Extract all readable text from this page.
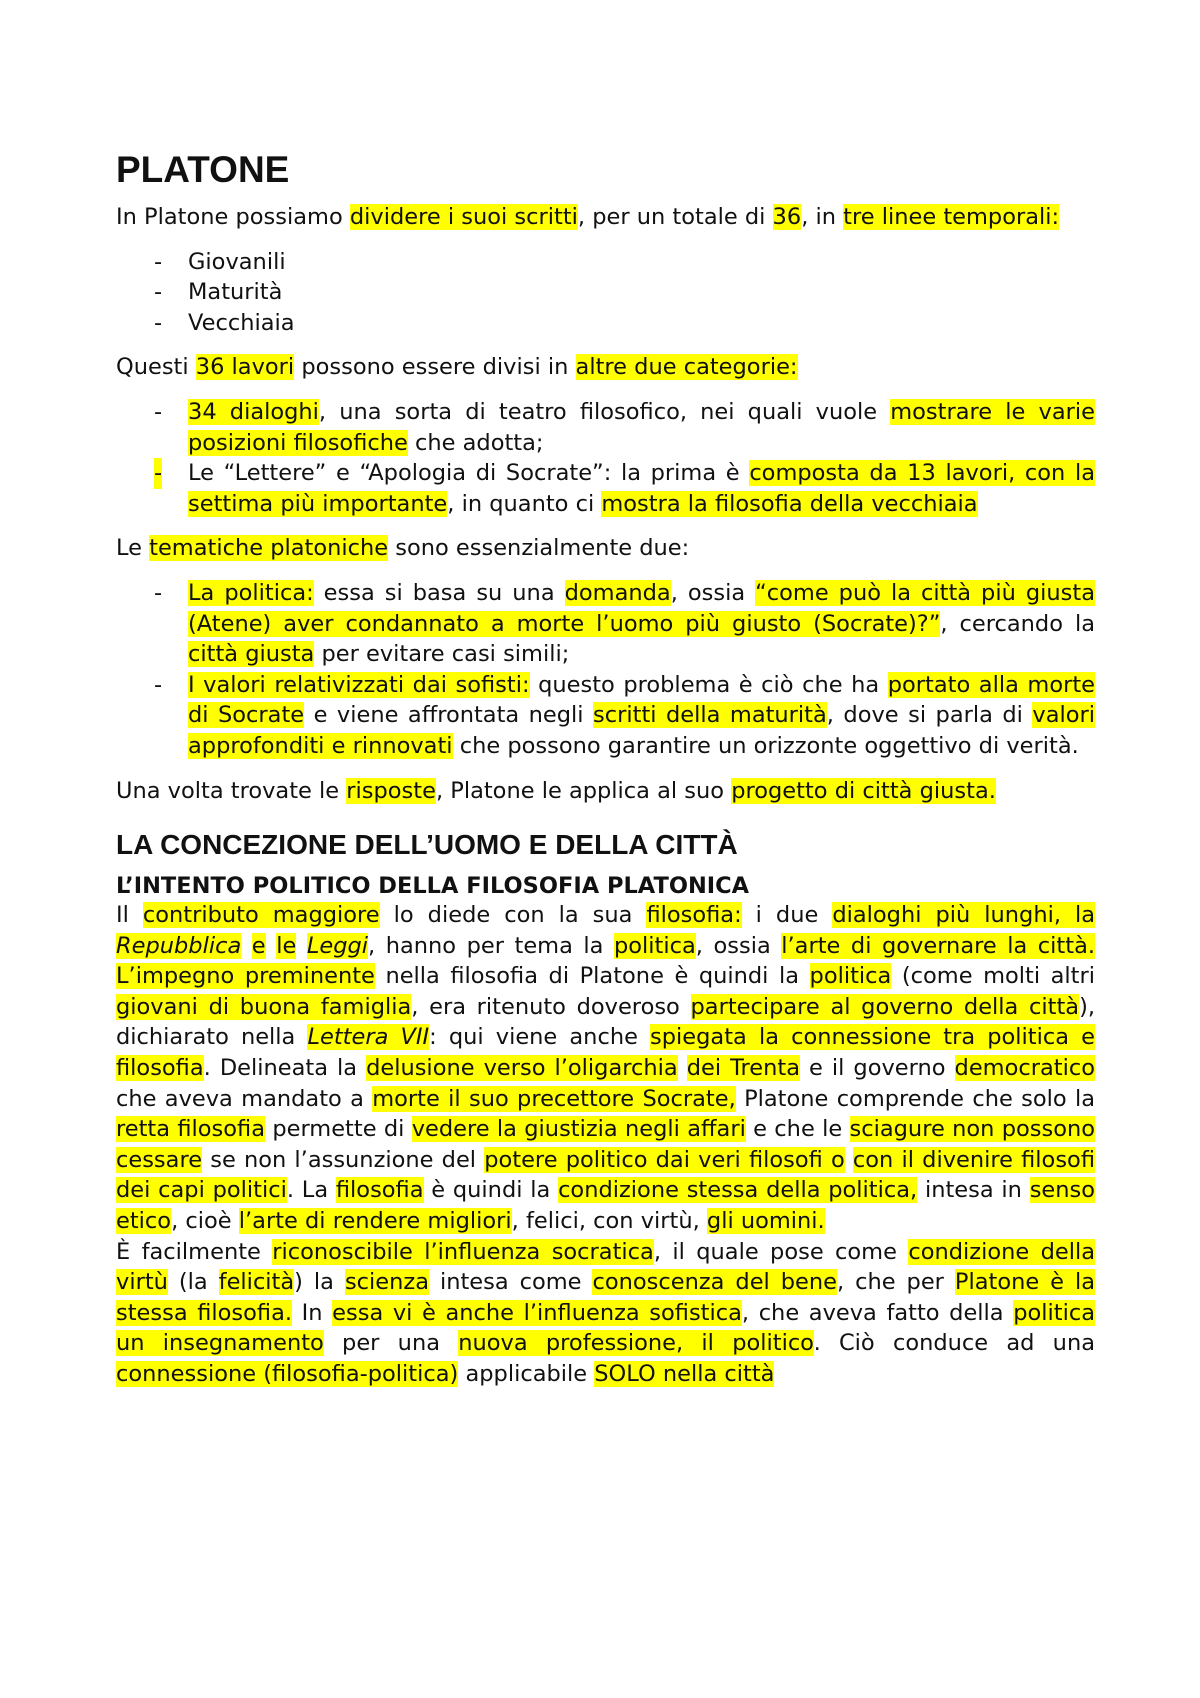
PLATONE

In Platone possiamo dividere i suoi scritti, per un totale di 36, in tre linee temporali:

- Giovanili
- Maturità
- Vecchiaia

Questi 36 lavori possono essere divisi in altre due categorie:

- 34 dialoghi, una sorta di teatro filosofico, nei quali vuole mostrare le varie posizioni filosofiche che adotta;
- Le “Lettere” e “Apologia di Socrate”: la prima è composta da 13 lavori, con la settima più importante, in quanto ci mostra la filosofia della vecchiaia

Le tematiche platoniche sono essenzialmente due:

- La politica: essa si basa su una domanda, ossia “come può la città più giusta (Atene) aver condannato a morte l’uomo più giusto (Socrate)?”, cercando la città giusta per evitare casi simili;
- I valori relativizzati dai sofisti: questo problema è ciò che ha portato alla morte di Socrate e viene affrontata negli scritti della maturità, dove si parla di valori approfonditi e rinnovati che possono garantire un orizzonte oggettivo di verità.

Una volta trovate le risposte, Platone le applica al suo progetto di città giusta.

LA CONCEZIONE DELL’UOMO E DELLA CITTÀ
L’INTENTO POLITICO DELLA FILOSOFIA PLATONICA

Il contributo maggiore lo diede con la sua filosofia: i due dialoghi più lunghi, la Repubblica e le Leggi, hanno per tema la politica, ossia l’arte di governare la città. L’impegno preminente nella filosofia di Platone è quindi la politica (come molti altri giovani di buona famiglia, era ritenuto doveroso partecipare al governo della città), dichiarato nella Lettera VII: qui viene anche spiegata la connessione tra politica e filosofia. Delineata la delusione verso l’oligarchia dei Trenta e il governo democratico che aveva mandato a morte il suo precettore Socrate, Platone comprende che solo la retta filosofia permette di vedere la giustizia negli affari e che le sciagure non possono cessare se non l’assunzione del potere politico dai veri filosofi o con il divenire filosofi dei capi politici. La filosofia è quindi la condizione stessa della politica, intesa in senso etico, cioè l’arte di rendere migliori, felici, con virtù, gli uomini.

È facilmente riconoscibile l’influenza socratica, il quale pose come condizione della virtù (la felicità) la scienza intesa come conoscenza del bene, che per Platone è la stessa filosofia. In essa vi è anche l’influenza sofistica, che aveva fatto della politica un insegnamento per una nuova professione, il politico. Ciò conduce ad una connessione (filosofia-politica) applicabile SOLO nella città
